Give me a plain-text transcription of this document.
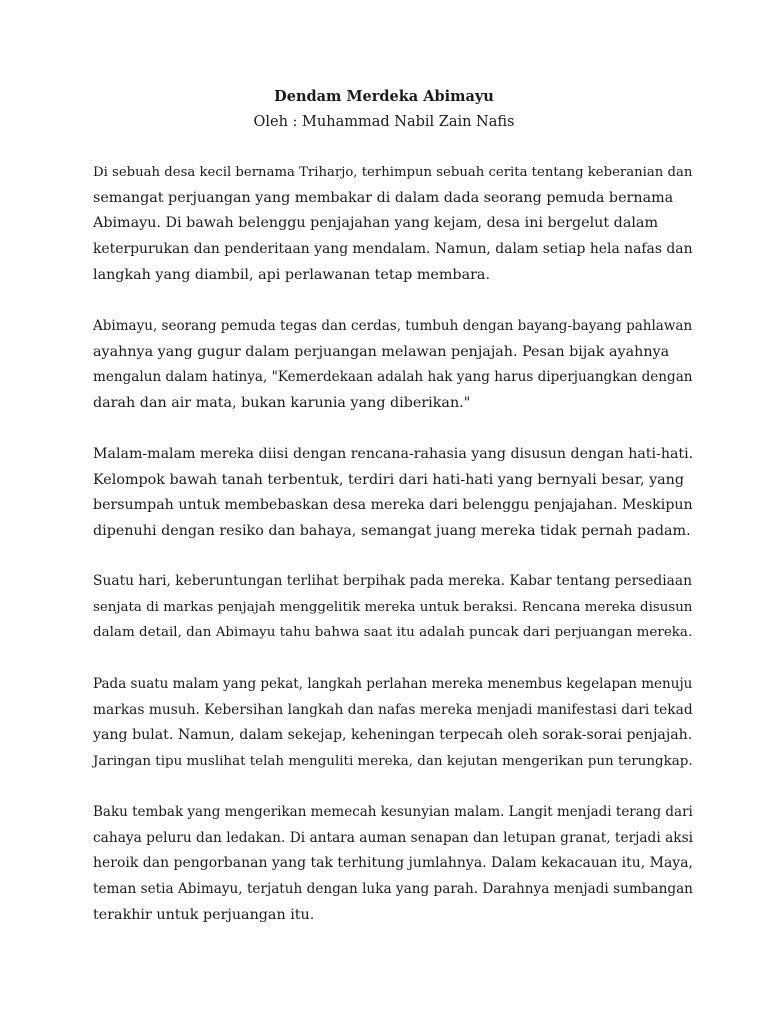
Dendam Merdeka Abimayu
Oleh : Muhammad Nabil Zain Nafis
Di sebuah desa kecil bernama Triharjo, terhimpun sebuah cerita tentang keberanian dan
semangat perjuangan yang membakar di dalam dada seorang pemuda bernama
Abimayu. Di bawah belenggu penjajahan yang kejam, desa ini bergelut dalam
keterpurukan dan penderitaan yang mendalam. Namun, dalam setiap hela nafas dan
langkah yang diambil, api perlawanan tetap membara.
Abimayu, seorang pemuda tegas dan cerdas, tumbuh dengan bayang-bayang pahlawan
ayahnya yang gugur dalam perjuangan melawan penjajah. Pesan bijak ayahnya
mengalun dalam hatinya, "Kemerdekaan adalah hak yang harus diperjuangkan dengan
darah dan air mata, bukan karunia yang diberikan."
Malam-malam mereka diisi dengan rencana-rahasia yang disusun dengan hati-hati.
Kelompok bawah tanah terbentuk, terdiri dari hati-hati yang bernyali besar, yang
bersumpah untuk membebaskan desa mereka dari belenggu penjajahan. Meskipun
dipenuhi dengan resiko dan bahaya, semangat juang mereka tidak pernah padam.
Suatu hari, keberuntungan terlihat berpihak pada mereka. Kabar tentang persediaan
senjata di markas penjajah menggelitik mereka untuk beraksi. Rencana mereka disusun
dalam detail, dan Abimayu tahu bahwa saat itu adalah puncak dari perjuangan mereka.
Pada suatu malam yang pekat, langkah perlahan mereka menembus kegelapan menuju
markas musuh. Kebersihan langkah dan nafas mereka menjadi manifestasi dari tekad
yang bulat. Namun, dalam sekejap, keheningan terpecah oleh sorak-sorai penjajah.
Jaringan tipu muslihat telah menguliti mereka, dan kejutan mengerikan pun terungkap.
Baku tembak yang mengerikan memecah kesunyian malam. Langit menjadi terang dari
cahaya peluru dan ledakan. Di antara auman senapan dan letupan granat, terjadi aksi
heroik dan pengorbanan yang tak terhitung jumlahnya. Dalam kekacauan itu, Maya,
teman setia Abimayu, terjatuh dengan luka yang parah. Darahnya menjadi sumbangan
terakhir untuk perjuangan itu.
